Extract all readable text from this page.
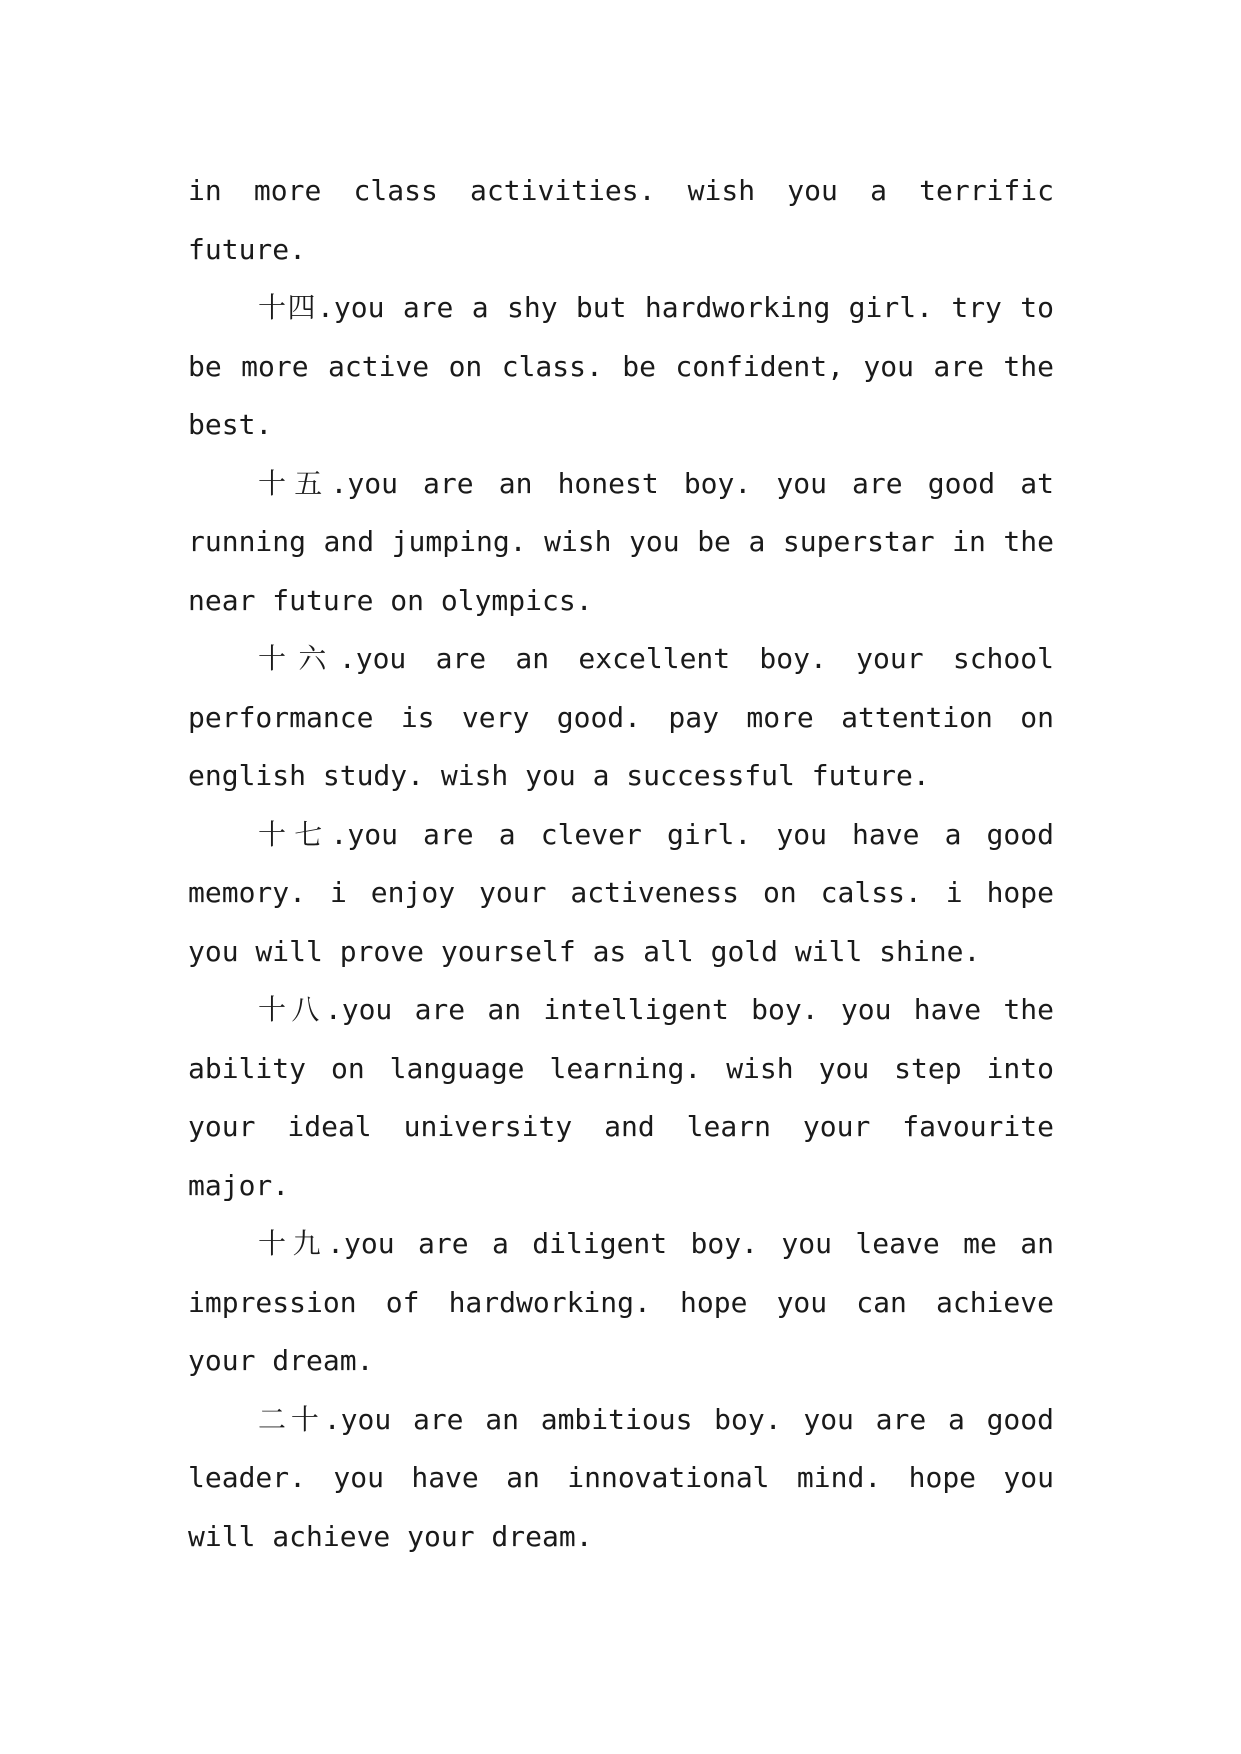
in more class activities. wish you a terrific future.

十四.you are a shy but hardworking girl. try to be more active on class. be confident, you are the best.

十五.you are an honest boy. you are good at running and jumping. wish you be a superstar in the near future on olympics.

十六.you are an excellent boy. your school performance is very good. pay more attention on english study. wish you a successful future.

十七.you are a clever girl. you have a good memory. i enjoy your activeness on calss. i hope you will prove yourself as all gold will shine.

十八.you are an intelligent boy. you have the ability on language learning. wish you step into your ideal university and learn your favourite major.

十九.you are a diligent boy. you leave me an impression of hardworking. hope you can achieve your dream.

二十.you are an ambitious boy. you are a good leader. you have an innovational mind. hope you will achieve your dream.
